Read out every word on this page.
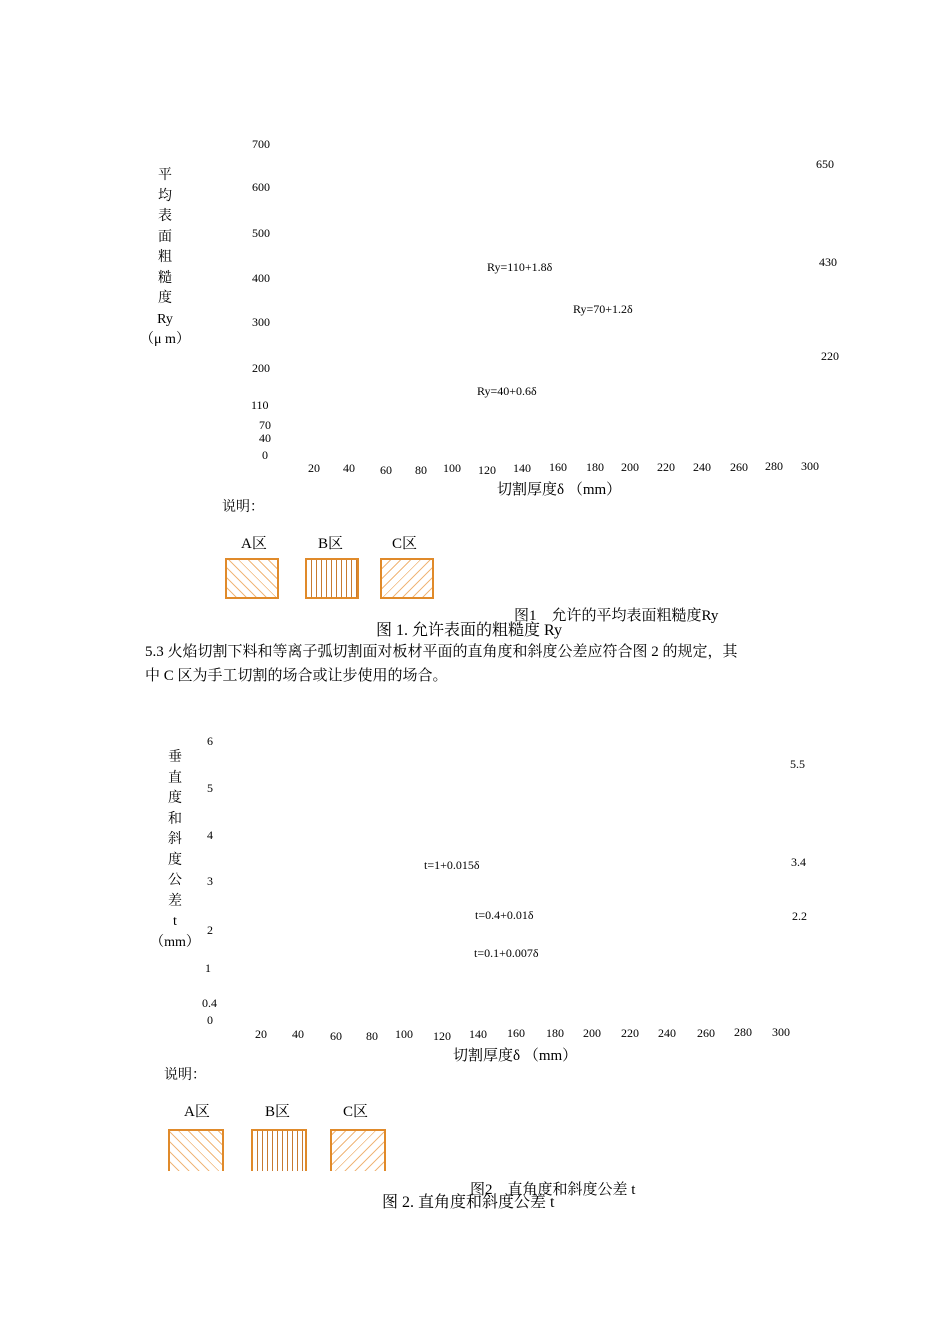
平
均
表
面
粗
糙
度
Ry
（μ m）
700
600
500
400
300
200
110
70
40
0
650
430
220
Ry=110+1.8δ
Ry=70+1.2δ
Ry=40+0.6δ
20 40 60 80 100 120 140 160 180 200 220 240 260 280 300
切割厚度δ （mm）
说明：
A区	B区	C区
图1　允许的平均表面粗糙度Ry
图 1. 允许表面的粗糙度 Ry
5.3 火焰切割下料和等离子弧切割面对板材平面的直角度和斜度公差应符合图 2 的规定，其
中 C 区为手工切割的场合或让步使用的场合。
垂
直
度
和
斜
度
公
差
t
（mm）
6
5
4
3
2
1
0.4
0
5.5
3.4
2.2
t=1+0.015δ
t=0.4+0.01δ
t=0.1+0.007δ
20 40 60 80 100 120 140 160 180 200 220 240 260 280 300
切割厚度δ （mm）
说明：
A区	B区	C区
图2　直角度和斜度公差 t
图 2. 直角度和斜度公差 t
